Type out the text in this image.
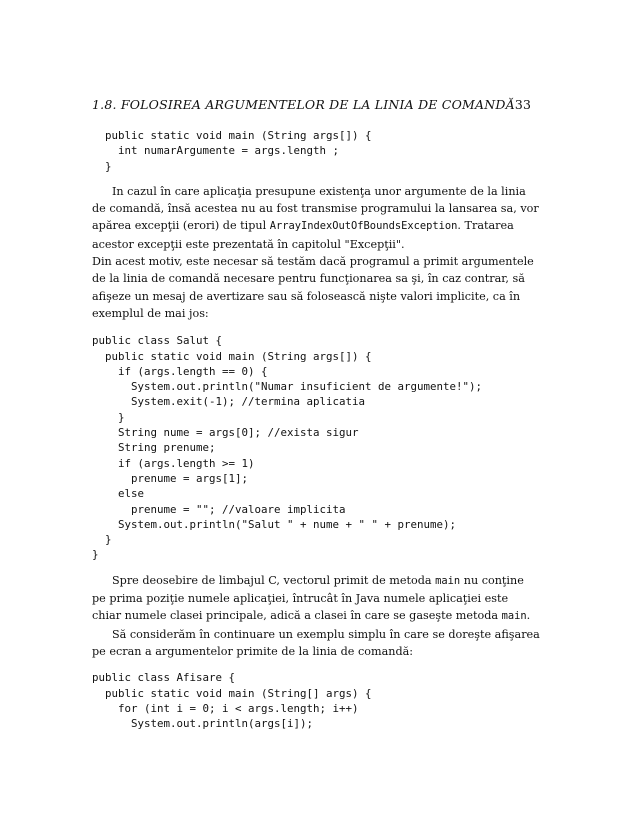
1.8. FOLOSIREA ARGUMENTELOR DE LA LINIA DE COMANDĂ 33
public static void main (String args[]) {
int numarArgumente = args.length ;
}
In cazul în care aplicaţia presupune existenţa unor argumente de la linia
de comandă, însă acestea nu au fost transmise programului la lansarea sa, vor
apărea excepţii (erori) de tipul ArrayIndexOutOfBoundsException. Tratarea
acestor excepţii este prezentată în capitolul "Excepţii".
Din acest motiv, este necesar să testăm dacă programul a primit argumentele
de la linia de comandă necesare pentru funcţionarea sa şi, în caz contrar, să
afişeze un mesaj de avertizare sau să folosească nişte valori implicite, ca în
exemplul de mai jos:
public class Salut {
public static void main (String args[]) {
if (args.length == 0) {
System.out.println("Numar insuficient de argumente!");
System.exit(-1); //termina aplicatia
}
String nume = args[0]; //exista sigur
String prenume;
if (args.length >= 1)
prenume = args[1];
else
prenume = ""; //valoare implicita
System.out.println("Salut " + nume + " " + prenume);
}
}
Spre deosebire de limbajul C, vectorul primit de metoda main nu conţine
pe prima poziţie numele aplicaţiei, întrucât în Java numele aplicaţiei este
chiar numele clasei principale, adică a clasei în care se gaseşte metoda main.
Să considerăm în continuare un exemplu simplu în care se doreşte afişarea
pe ecran a argumentelor primite de la linia de comandă:
public class Afisare {
public static void main (String[] args) {
for (int i = 0; i < args.length; i++)
System.out.println(args[i]);
